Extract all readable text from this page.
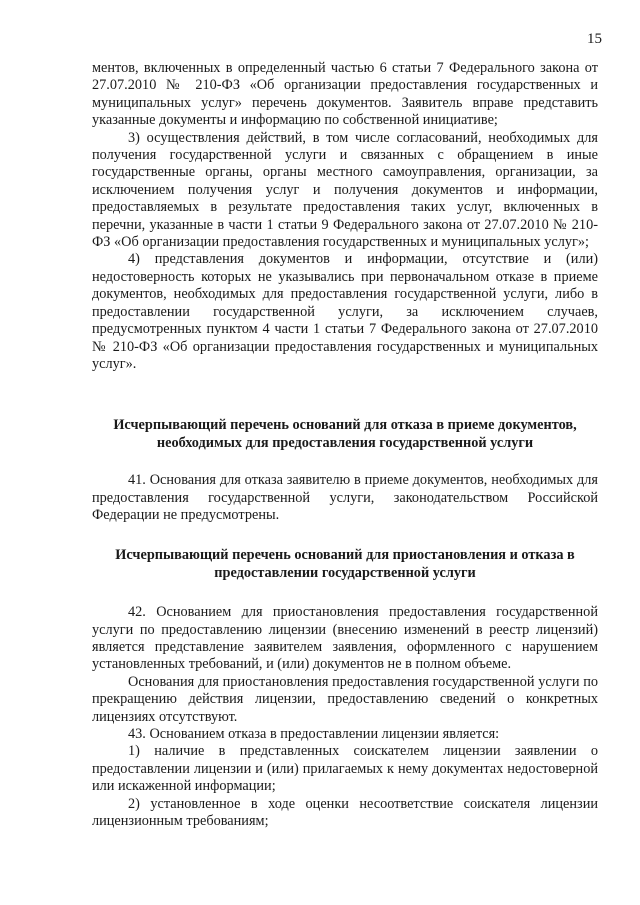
15

ментов, включенных в определенный частью 6 статьи 7 Федерального закона от 27.07.2010 № 210-ФЗ «Об организации предоставления государственных и муниципальных услуг» перечень документов. Заявитель вправе представить указанные документы и информацию по собственной инициативе;

3) осуществления действий, в том числе согласований, необходимых для получения государственной услуги и связанных с обращением в иные государственные органы, органы местного самоуправления, организации, за исключением получения услуг и получения документов и информации, предоставляемых в результате предоставления таких услуг, включенных в перечни, указанные в части 1 статьи 9 Федерального закона от 27.07.2010 № 210-ФЗ «Об организации предоставления государственных и муниципальных услуг»;

4) представления документов и информации, отсутствие и (или) недостоверность которых не указывались при первоначальном отказе в приеме документов, необходимых для предоставления государственной услуги, либо в предоставлении государственной услуги, за исключением случаев, предусмотренных пунктом 4 части 1 статьи 7 Федерального закона от 27.07.2010 № 210-ФЗ «Об организации предоставления государственных и муниципальных услуг».

Исчерпывающий перечень оснований для отказа в приеме документов, необходимых для предоставления государственной услуги

41. Основания для отказа заявителю в приеме документов, необходимых для предоставления государственной услуги, законодательством Российской Федерации не предусмотрены.

Исчерпывающий перечень оснований для приостановления и отказа в предоставлении государственной услуги

42. Основанием для приостановления предоставления государственной услуги по предоставлению лицензии (внесению изменений в реестр лицензий) является представление заявителем заявления, оформленного с нарушением установленных требований, и (или) документов не в полном объеме.

Основания для приостановления предоставления государственной услуги по прекращению действия лицензии, предоставлению сведений о конкретных лицензиях отсутствуют.

43. Основанием отказа в предоставлении лицензии является:

1) наличие в представленных соискателем лицензии заявлении о предоставлении лицензии и (или) прилагаемых к нему документах недостоверной или искаженной информации;

2) установленное в ходе оценки несоответствие соискателя лицензии лицензионным требованиям;
